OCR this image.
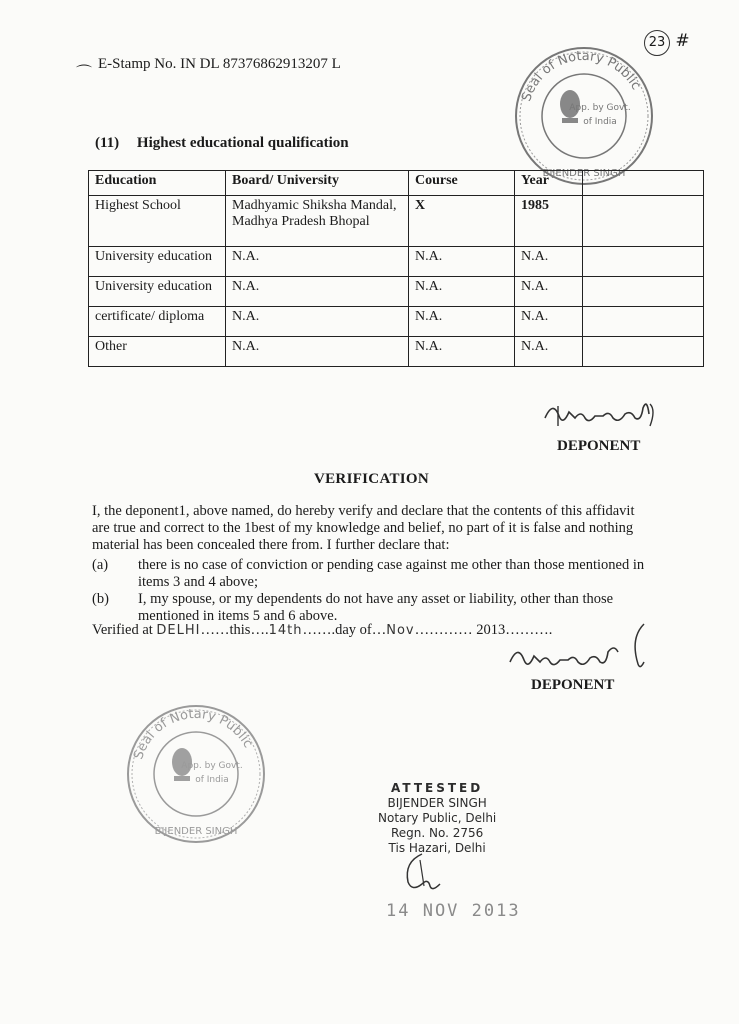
⌒
E-Stamp No. IN DL 87376862913207 L
23 #
Seal of Notary Public
App. by Govt.
of India
BIJENDER SINGH
(11) Highest educational qualification
Education	Board/ University	Course	Year	
Highest School	Madhyamic Shiksha Mandal, Madhya Pradesh Bhopal	X	1985	
University education	N.A.	N.A.	N.A.	
University education	N.A.	N.A.	N.A.	
certificate/ diploma	N.A.	N.A.	N.A.	
Other	N.A.	N.A.	N.A.	
DEPONENT
VERIFICATION
I, the deponent1, above named, do hereby verify and declare that the contents of this affidavit are true and correct to the 1best of my knowledge and belief, no part of it is false and nothing material has been concealed there from. I further declare that:
(a) there is no case of conviction or pending case against me other than those mentioned in items 3 and 4 above;
(b) I, my spouse, or my dependents do not have any asset or liability, other than those mentioned in items 5 and 6 above.
Verified at DELHI……this….14th…….day of…Nov………… 2013……….
DEPONENT
Seal of Notary Public
App. by Govt.
of India
BIJENDER SINGH
ATTESTED
BIJENDER SINGH
Notary Public, Delhi
Regn. No. 2756
Tis Hazari, Delhi
14 NOV 2013
